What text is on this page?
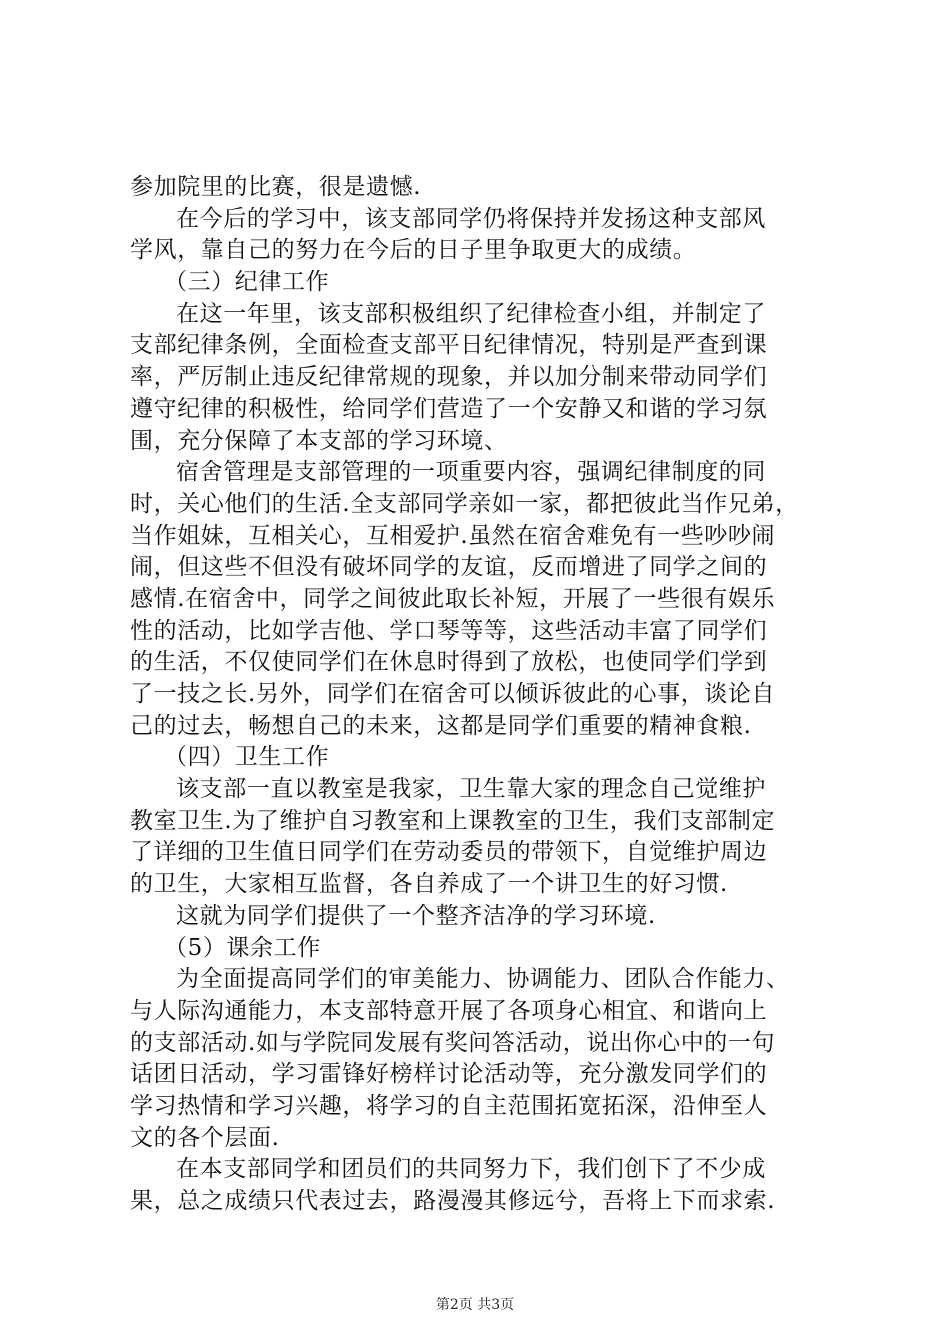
参加院里的比赛，很是遗憾.
在今后的学习中，该支部同学仍将保持并发扬这种支部风
学风，靠自己的努力在今后的日子里争取更大的成绩。
（三）纪律工作
在这一年里，该支部积极组织了纪律检查小组，并制定了
支部纪律条例，全面检查支部平日纪律情况，特别是严查到课
率，严厉制止违反纪律常规的现象，并以加分制来带动同学们
遵守纪律的积极性，给同学们营造了一个安静又和谐的学习氛
围，充分保障了本支部的学习环境、
宿舍管理是支部管理的一项重要内容，强调纪律制度的同
时，关心他们的生活.全支部同学亲如一家，都把彼此当作兄弟，
当作姐妹，互相关心，互相爱护.虽然在宿舍难免有一些吵吵闹
闹，但这些不但没有破坏同学的友谊，反而增进了同学之间的
感情.在宿舍中，同学之间彼此取长补短，开展了一些很有娱乐
性的活动，比如学吉他、学口琴等等，这些活动丰富了同学们
的生活，不仅使同学们在休息时得到了放松，也使同学们学到
了一技之长.另外，同学们在宿舍可以倾诉彼此的心事，谈论自
己的过去，畅想自己的未来，这都是同学们重要的精神食粮.
（四）卫生工作
该支部一直以教室是我家，卫生靠大家的理念自己觉维护
教室卫生.为了维护自习教室和上课教室的卫生，我们支部制定
了详细的卫生值日同学们在劳动委员的带领下，自觉维护周边
的卫生，大家相互监督，各自养成了一个讲卫生的好习惯.
这就为同学们提供了一个整齐洁净的学习环境.
（5）课余工作
为全面提高同学们的审美能力、协调能力、团队合作能力、
与人际沟通能力，本支部特意开展了各项身心相宜、和谐向上
的支部活动.如与学院同发展有奖问答活动，说出你心中的一句
话团日活动，学习雷锋好榜样讨论活动等，充分激发同学们的
学习热情和学习兴趣，将学习的自主范围拓宽拓深，沿伸至人
文的各个层面.
在本支部同学和团员们的共同努力下，我们创下了不少成
果，总之成绩只代表过去，路漫漫其修远兮，吾将上下而求索.
第2页 共3页
